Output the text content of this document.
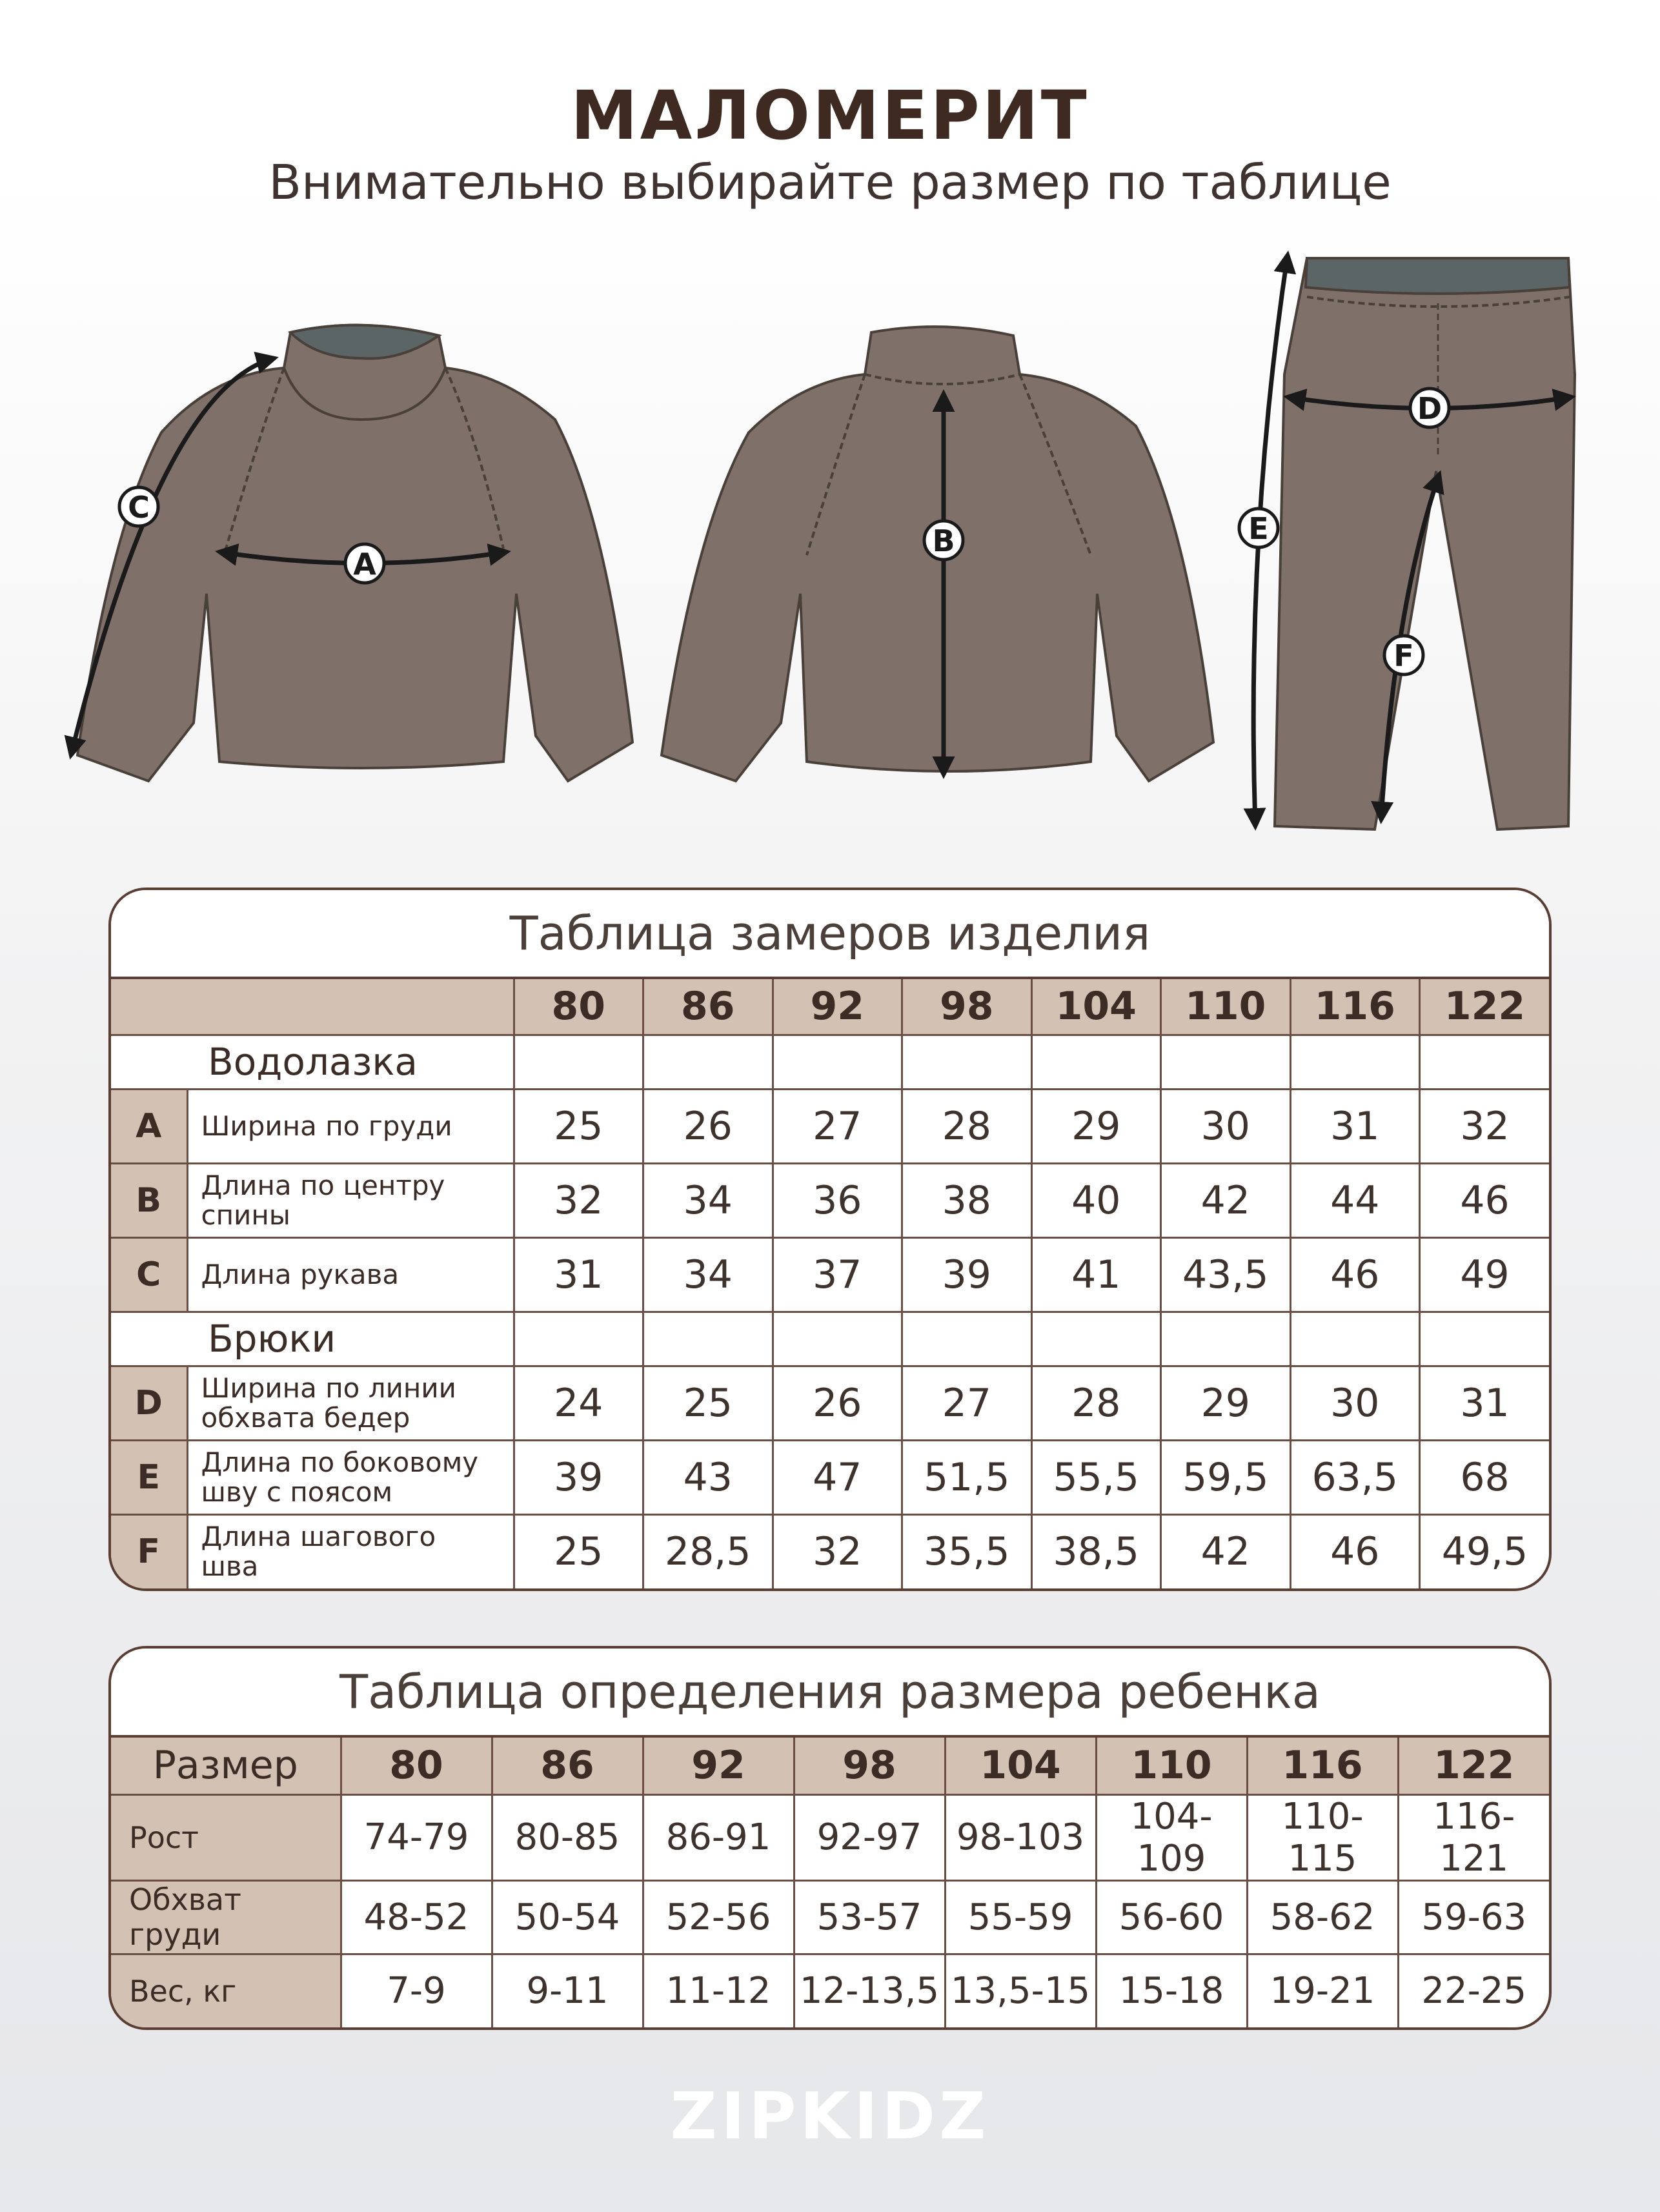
МАЛОМЕРИТ
Внимательно выбирайте размер по таблице
A
C
B
D
E
F
Таблица замеров изделия
		80	86	92	98	104	110	116	122
Водолазка									
A	Ширина по груди	25	26	27	28	29	30	31	32
B	Длина по центру
спины	32	34	36	38	40	42	44	46
C	Длина рукава	31	34	37	39	41	43,5	46	49
Брюки									
D	Ширина по линии
обхвата бедер	24	25	26	27	28	29	30	31
E	Длина по боковому
шву с поясом	39	43	47	51,5	55,5	59,5	63,5	68
F	Длина шагового
шва	25	28,5	32	35,5	38,5	42	46	49,5
Таблица определения размера ребенка
Размер	80	86	92	98	104	110	116	122
Рост	74-79	80-85	86-91	92-97	98-103	104-109	110-115	116-121
Обхват груди	48-52	50-54	52-56	53-57	55-59	56-60	58-62	59-63
Вес, кг	7-9	9-11	11-12	12-13,5	13,5-15	15-18	19-21	22-25
ZIPKIDZ
